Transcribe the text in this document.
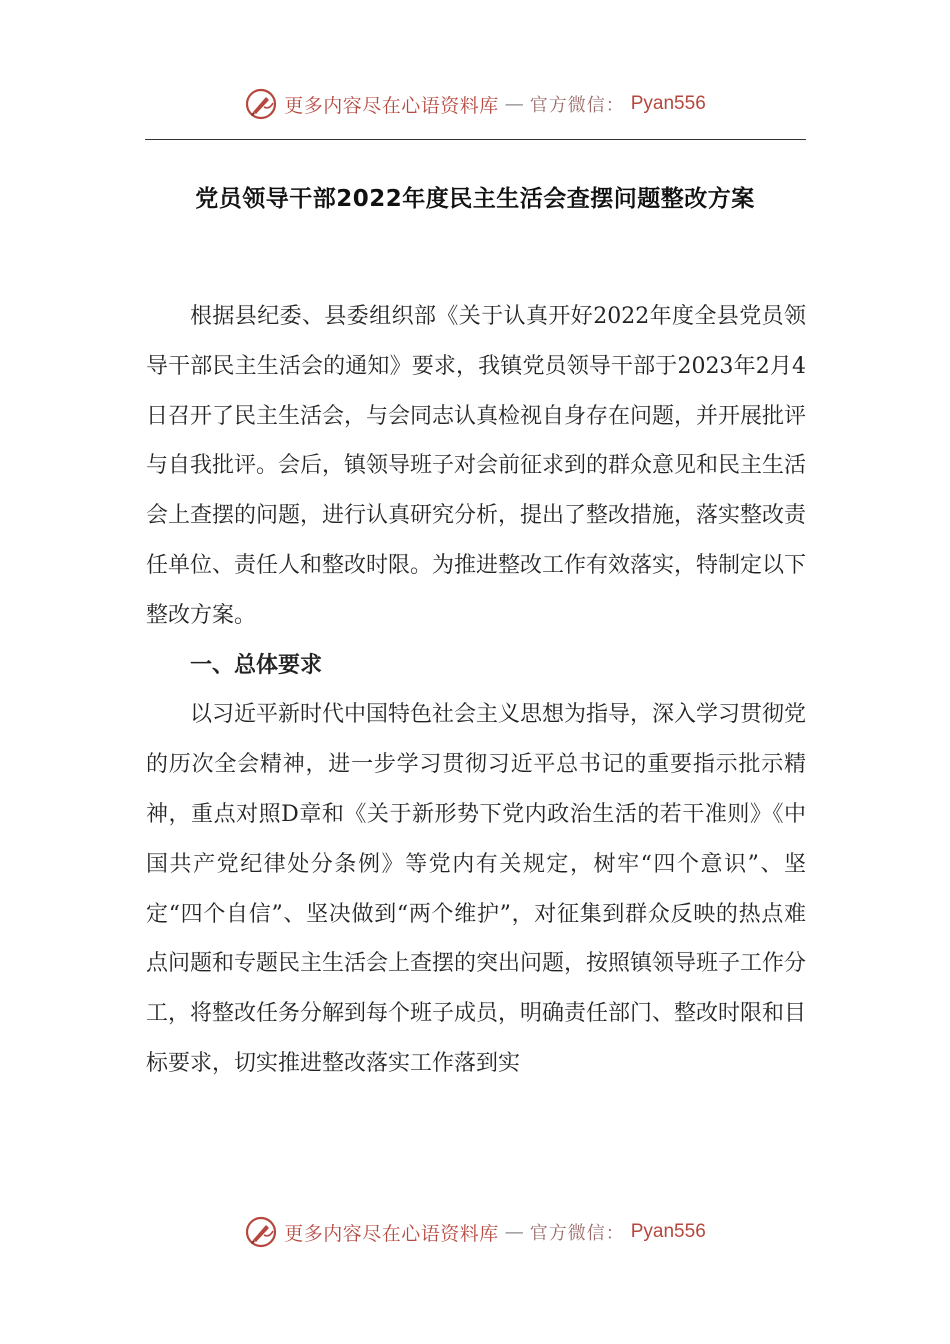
更多内容尽在心语资料库 — 官方微信： Pyan556
党员领导干部2022年度民主生活会查摆问题整改方案

根据县纪委、县委组织部《关于认真开好2022年度全县党员领导干部民主生活会的通知》要求，我镇党员领导干部于2023年2月4日召开了民主生活会，与会同志认真检视自身存在问题，并开展批评与自我批评。会后，镇领导班子对会前征求到的群众意见和民主生活会上查摆的问题，进行认真研究分析，提出了整改措施，落实整改责任单位、责任人和整改时限。为推进整改工作有效落实，特制定以下整改方案。

一、总体要求

以习近平新时代中国特色社会主义思想为指导，深入学习贯彻党的历次全会精神，进一步学习贯彻习近平总书记的重要指示批示精神，重点对照D章和《关于新形势下党内政治生活的若干准则》《中国共产党纪律处分条例》等党内有关规定，树牢“四个意识”、坚定“四个自信”、坚决做到“两个维护”，对征集到群众反映的热点难点问题和专题民主生活会上查摆的突出问题，按照镇领导班子工作分工，将整改任务分解到每个班子成员，明确责任部门、整改时限和目标要求，切实推进整改落实工作落到实

更多内容尽在心语资料库 — 官方微信： Pyan556
